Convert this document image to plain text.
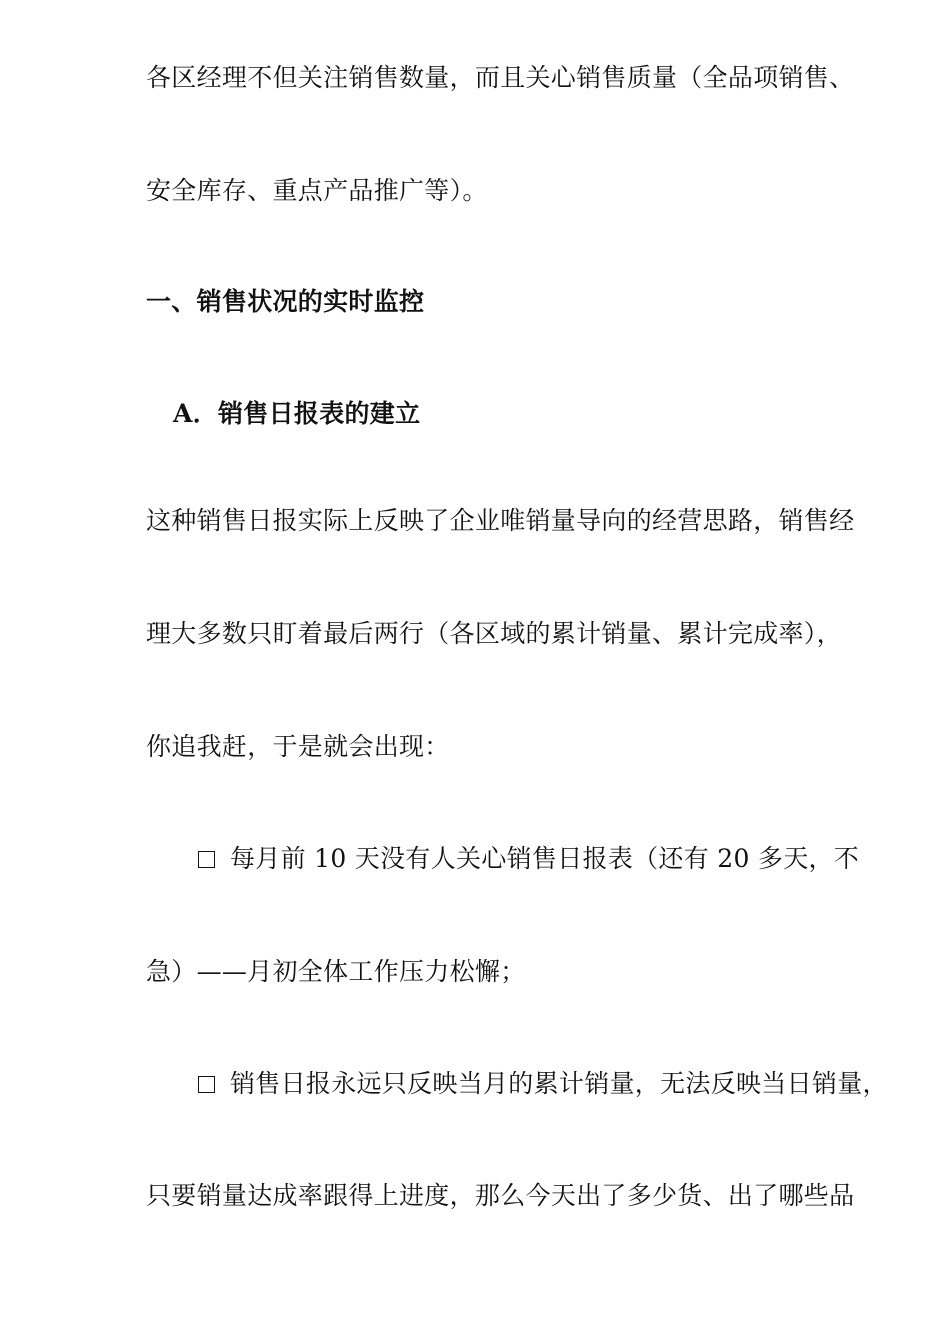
各区经理不但关注销售数量，而且关心销售质量（全品项销售、
安全库存、重点产品推广等）。
一、销售状况的实时监控
A．销售日报表的建立
这种销售日报实际上反映了企业唯销量导向的经营思路，销售经
理大多数只盯着最后两行（各区域的累计销量、累计完成率），
你追我赶，于是就会出现：
每月前 10 天没有人关心销售日报表（还有 20 多天，不
急）——月初全体工作压力松懈；
销售日报永远只反映当月的累计销量，无法反映当日销量，
只要销量达成率跟得上进度，那么今天出了多少货、出了哪些品
